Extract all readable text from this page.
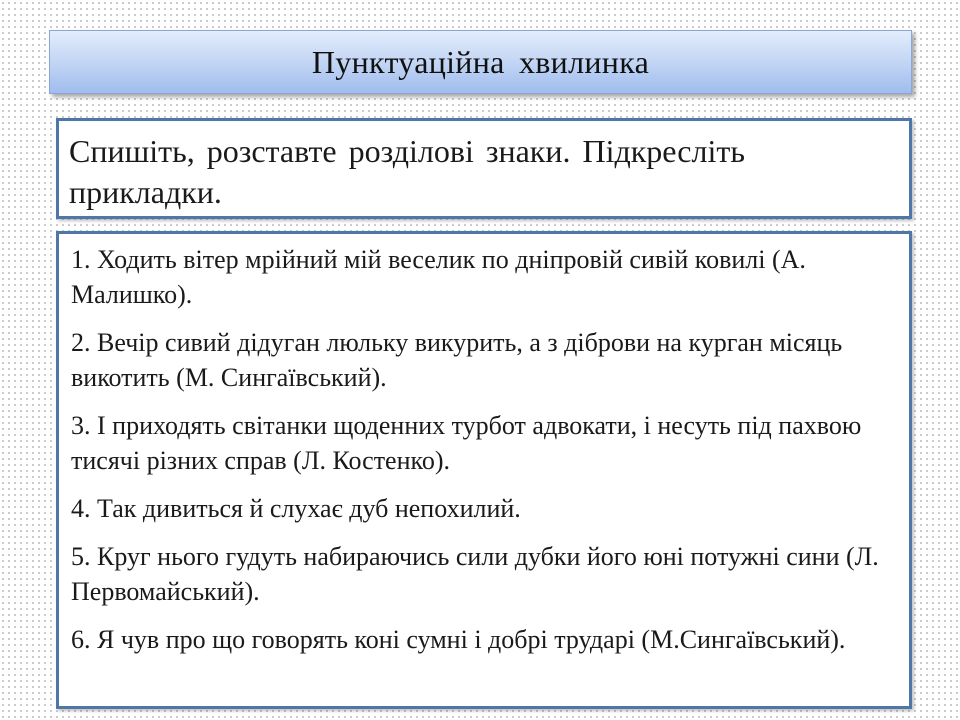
Пунктуаційна хвилинка
Спишіть, розставте розділові знаки. Підкресліть прикладки.

1. Ходить вітер мрійний мій веселик по дніпровій сивій ковилі (А. Малишко).

2. Вечір сивий дідуган люльку викурить, а з діброви на курган місяць викотить (М. Сингаївський).

3. І приходять світанки щоденних турбот адвокати, і несуть під пахвою тисячі різних справ (Л. Костенко).

4. Так дивиться й слухає дуб непохилий.

5. Круг нього гудуть набираючись сили дубки його юні потужні сини (Л. Первомайський).

6. Я чув про що говорять коні сумні і добрі трударі (М.Сингаївський).
